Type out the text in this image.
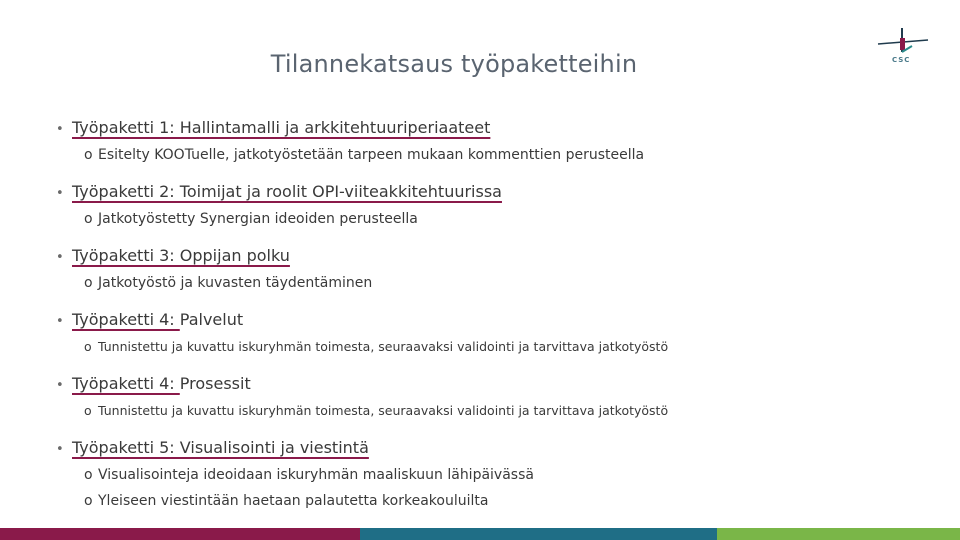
Tilannekatsaus työpaketteihin	CSC
• Työpaketti 1: Hallintamalli ja arkkitehtuuriperiaateet
o Esitelty KOOTuelle, jatkotyöstetään tarpeen mukaan kommenttien perusteella
• Työpaketti 2: Toimijat ja roolit OPI-viiteakkitehtuurissa
o Jatkotyöstetty Synergian ideoiden perusteella
• Työpaketti 3: Oppijan polku
o Jatkotyöstö ja kuvasten täydentäminen
• Työpaketti 4: Palvelut
o Tunnistettu ja kuvattu iskuryhmän toimesta, seuraavaksi validointi ja tarvittava jatkotyöstö
• Työpaketti 4: Prosessit
o Tunnistettu ja kuvattu iskuryhmän toimesta, seuraavaksi validointi ja tarvittava jatkotyöstö
• Työpaketti 5: Visualisointi ja viestintä
o Visualisointeja ideoidaan iskuryhmän maaliskuun lähipäivässä
o Yleiseen viestintään haetaan palautetta korkeakouluilta
